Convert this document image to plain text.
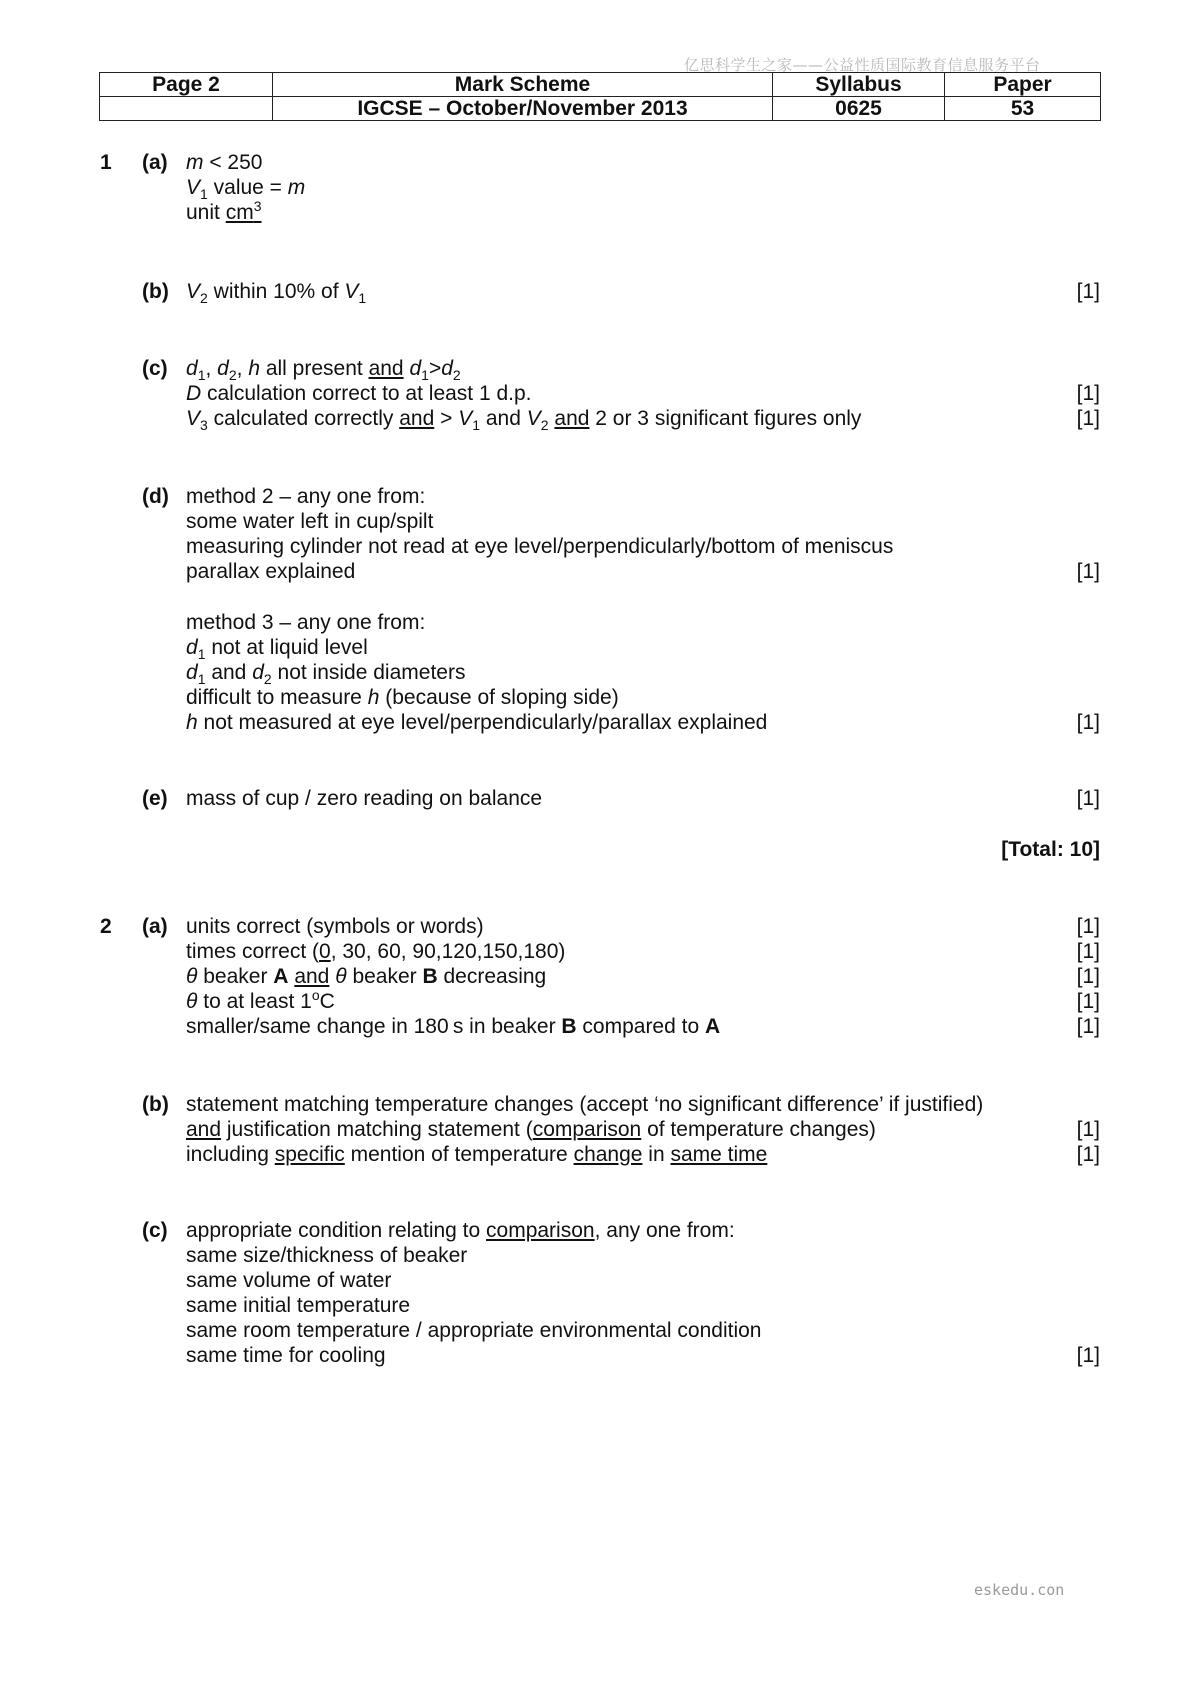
亿思科学生之家——公益性质国际教育信息服务平台
Page 2	Mark Scheme	Syllabus	Paper
	IGCSE – October/November 2013	0625	53
1 (a) m < 250
$V_1$ value = m
unit $cm^3$
(b) $V_2$ within 10% of $V_1$	[1]
(c) $d_1$, $d_2$, h all present and $d_1>d_2$
D calculation correct to at least 1 d.p.	[1]
$V_3$ calculated correctly and > $V_1$ and $V_2$ and 2 or 3 significant figures only	[1]
(d) method 2 – any one from:
some water left in cup/spilt
measuring cylinder not read at eye level/perpendicularly/bottom of meniscus
parallax explained	[1]
method 3 – any one from:
$d_1$ not at liquid level
$d_1$ and $d_2$ not inside diameters
difficult to measure h (because of sloping side)
h not measured at eye level/perpendicularly/parallax explained	[1]
(e) mass of cup / zero reading on balance	[1]
[Total: 10]
2 (a) units correct (symbols or words)	[1]
times correct (0, 30, 60, 90,120,150,180)	[1]
θ beaker A and θ beaker B decreasing	[1]
θ to at least 1$^o$C	[1]
smaller/same change in 180 s in beaker B compared to A	[1]
(b) statement matching temperature changes (accept ‘no significant difference’ if justified)
and justification matching statement (comparison of temperature changes)	[1]
including specific mention of temperature change in same time	[1]
(c) appropriate condition relating to comparison, any one from:
same size/thickness of beaker
same volume of water
same initial temperature
same room temperature / appropriate environmental condition
same time for cooling	[1]
eskedu.con
